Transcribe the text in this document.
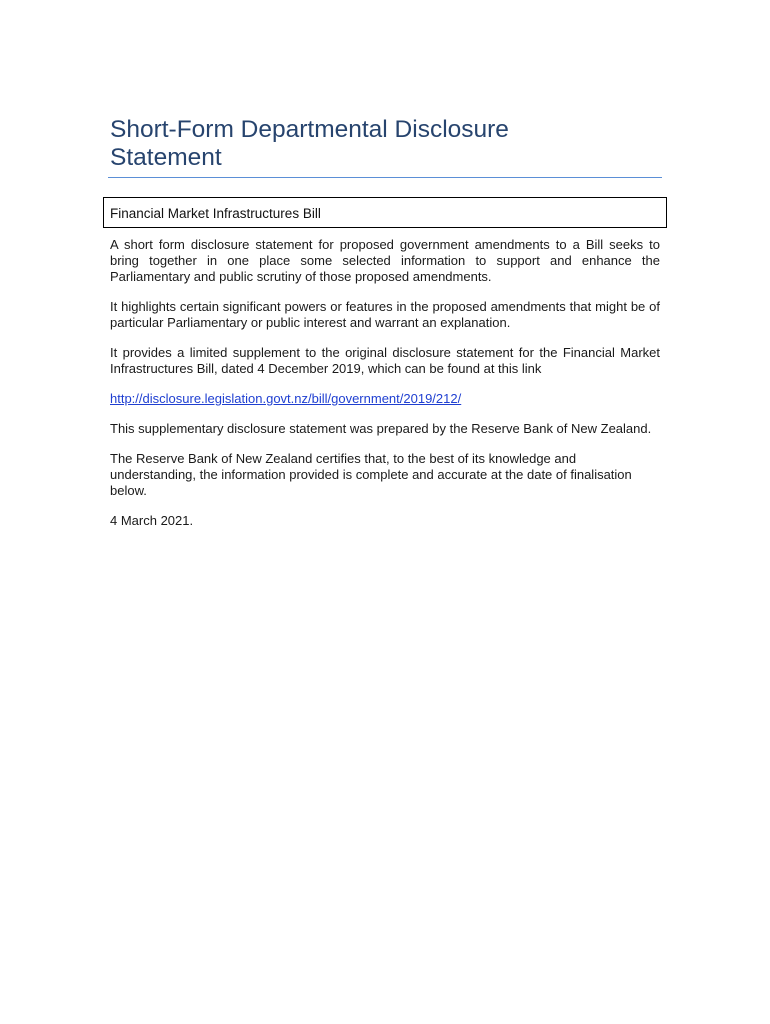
Short-Form Departmental Disclosure
Statement
Financial Market Infrastructures Bill

A short form disclosure statement for proposed government amendments to a Bill seeks to bring together in one place some selected information to support and enhance the Parliamentary and public scrutiny of those proposed amendments.

It highlights certain significant powers or features in the proposed amendments that might be of particular Parliamentary or public interest and warrant an explanation.

It provides a limited supplement to the original disclosure statement for the Financial Market Infrastructures Bill, dated 4 December 2019, which can be found at this link

http://disclosure.legislation.govt.nz/bill/government/2019/212/

This supplementary disclosure statement was prepared by the Reserve Bank of New Zealand.

The Reserve Bank of New Zealand certifies that, to the best of its knowledge and understanding, the information provided is complete and accurate at the date of finalisation below.

4 March 2021.
